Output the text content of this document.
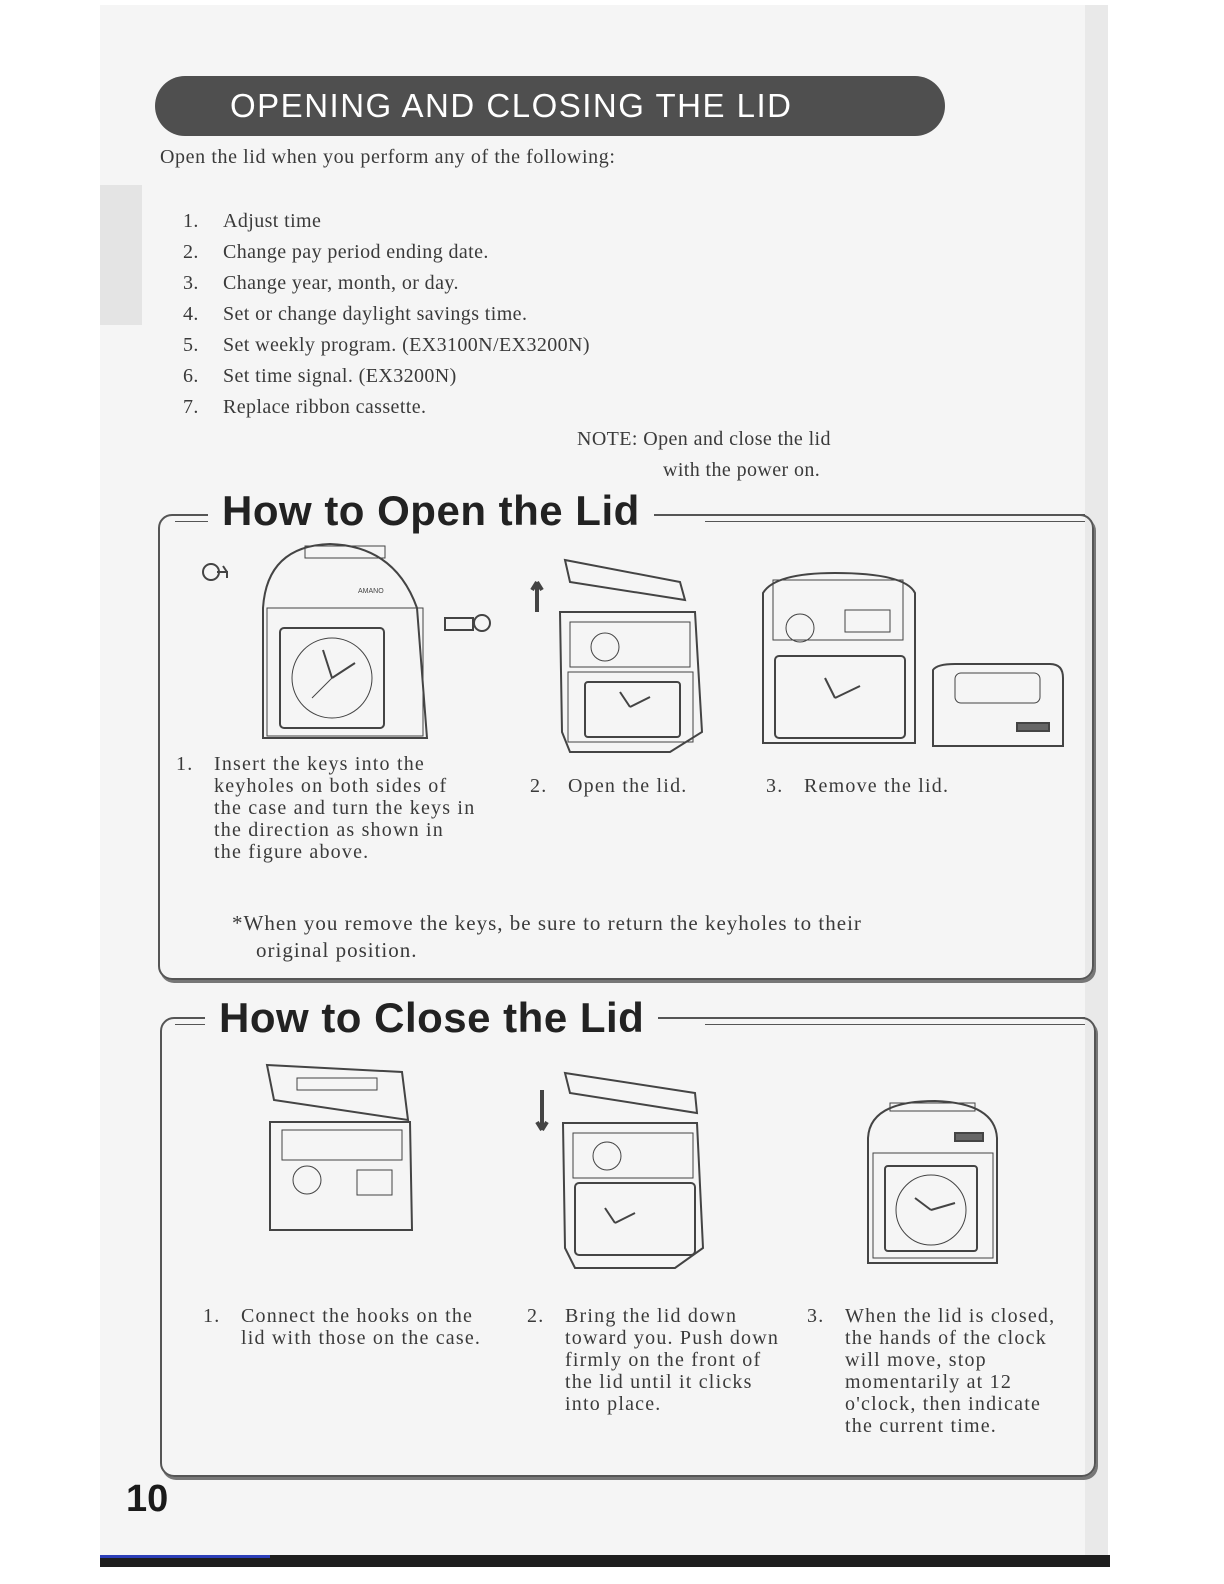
OPENING AND CLOSING THE LID
Open the lid when you perform any of the following:
1. Adjust time
2. Change pay period ending date.
3. Change year, month, or day.
4. Set or change daylight savings time.
5. Set weekly program. (EX3100N/EX3200N)
6. Set time signal. (EX3200N)
7. Replace ribbon cassette.
NOTE: Open and close the lid
with the power on.
How to Open the Lid
AMANO
1. Insert the keys into the keyholes on both sides of the case and turn the keys in the direction as shown in the figure above.
2. Open the lid.	3. Remove the lid.
*When you remove the keys, be sure to return the keyholes to their
original position.
How to Close the Lid
1. Connect the hooks on the lid with those on the case.
2. Bring the lid down toward you. Push down firmly on the front of the lid until it clicks into place.
3. When the lid is closed, the hands of the clock will move, stop momentarily at 12 o'clock, then indicate the current time.
10
